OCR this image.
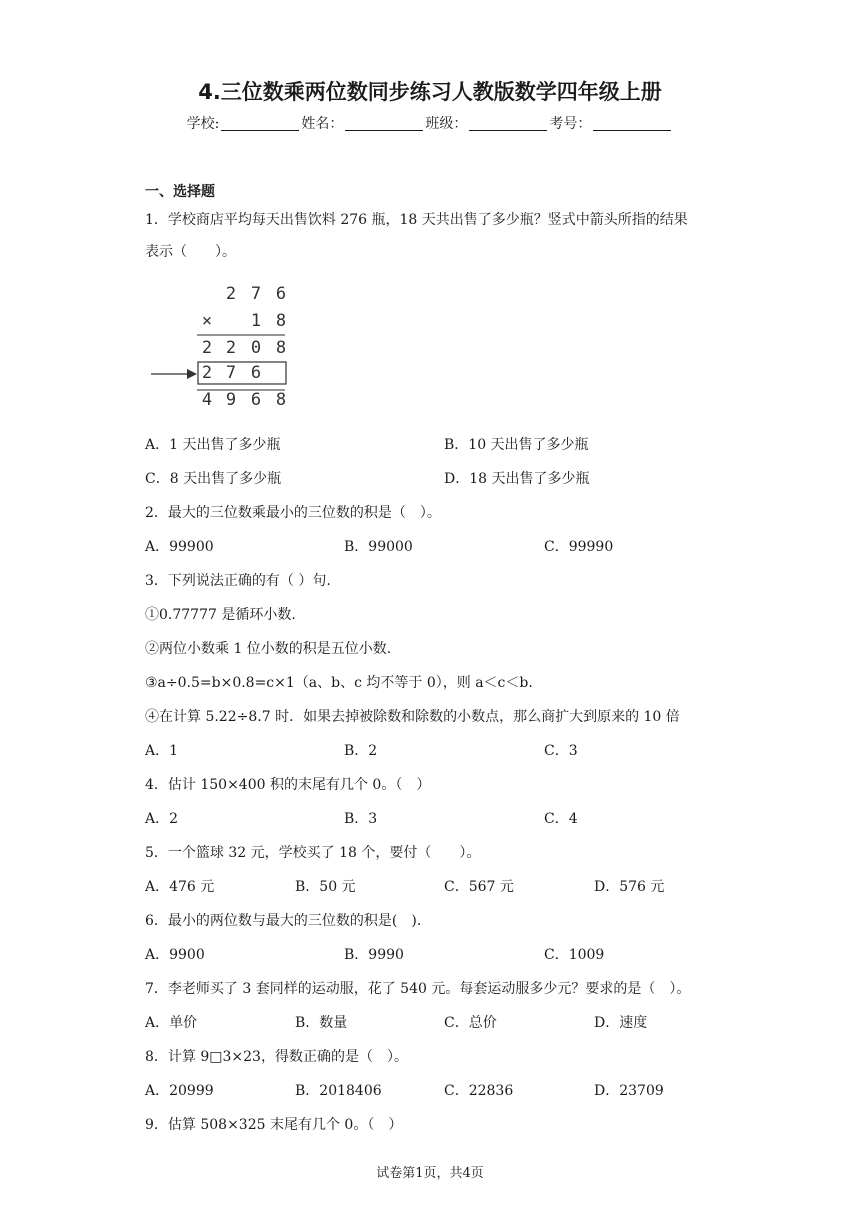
4.三位数乘两位数同步练习人教版数学四年级上册
学校:	姓名：	班级：	考号：
一、选择题
1．学校商店平均每天出售饮料 276 瓶，18 天共出售了多少瓶？竖式中箭头所指的结果
表示（　　）。
2 7 6
× 1 8
2 2 0 8
2 7 6
4 9 6 8
A．1 天出售了多少瓶	B．10 天出售了多少瓶
C．8 天出售了多少瓶	D．18 天出售了多少瓶
2．最大的三位数乘最小的三位数的积是（　）。
A．99900	B．99000	C．99990
3．下列说法正确的有（ ）句.
①0.77777 是循环小数.
②两位小数乘 1 位小数的积是五位小数.
③a÷0.5=b×0.8=c×1（a、b、c 均不等于 0），则 a＜c＜b.
④在计算 5.22÷8.7 时．如果去掉被除数和除数的小数点，那么商扩大到原来的 10 倍
A．1	B．2	C．3
4．估计 150×400 积的末尾有几个 0。（　）
A．2	B．3	C．4
5．一个篮球 32 元，学校买了 18 个，要付（　　）。
A．476 元	B．50 元	C．567 元	D．576 元
6．最小的两位数与最大的三位数的积是(　).
A．9900	B．9990	C．1009
7．李老师买了 3 套同样的运动服，花了 540 元。每套运动服多少元？要求的是（　）。
A．单价	B．数量	C．总价	D．速度
8．计算 9□3×23，得数正确的是（　）。
A．20999	B．2018406	C．22836	D．23709
9．估算 508×325 末尾有几个 0。（　）
试卷第1页，共4页
